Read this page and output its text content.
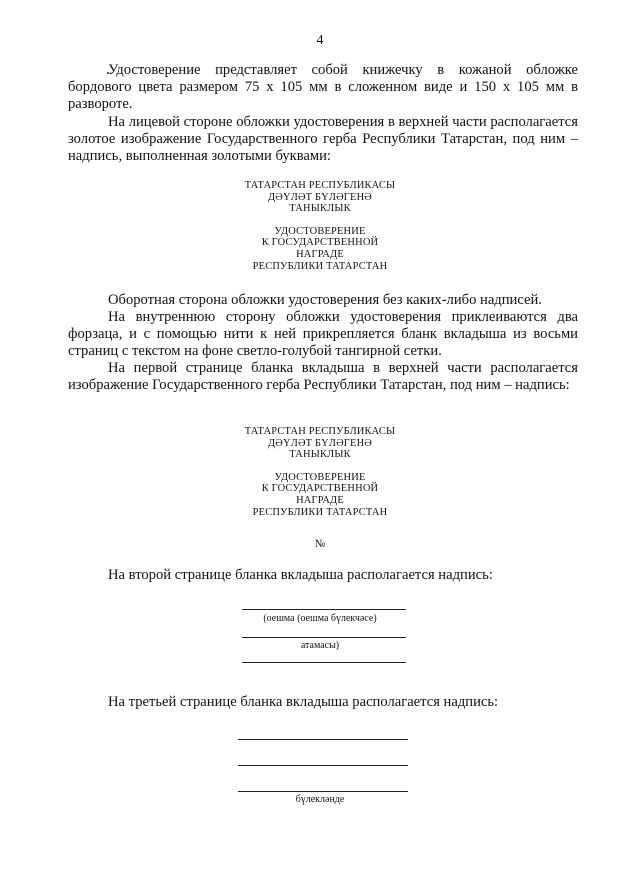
4

Удостоверение представляет собой книжечку в кожаной обложке бордового цвета размером 75 х 105 мм в сложенном виде и 150 х 105 мм в развороте.

На лицевой стороне обложки удостоверения в верхней части располагается золотое изображение Государственного герба Республики Татарстан, под ним – надпись, выполненная золотыми буквами:

ТАТАРСТАН РЕСПУБЛИКАСЫ
ДӘҮЛӘТ БҮЛӘГЕНӘ
ТАНЫКЛЫК
УДОСТОВЕРЕНИЕ
К ГОСУДАРСТВЕННОЙ
НАГРАДЕ
РЕСПУБЛИКИ ТАТАРСТАН

Оборотная сторона обложки удостоверения без каких-либо надписей.

На внутреннюю сторону обложки удостоверения приклеиваются два форзаца, и с помощью нити к ней прикрепляется бланк вкладыша из восьми страниц с текстом на фоне светло-голубой тангирной сетки.

На первой странице бланка вкладыша в верхней части располагается изображение Государственного герба Республики Татарстан, под ним – надпись:

ТАТАРСТАН РЕСПУБЛИКАСЫ
ДӘҮЛӘТ БҮЛӘГЕНӘ
ТАНЫКЛЫК
УДОСТОВЕРЕНИЕ
К ГОСУДАРСТВЕННОЙ
НАГРАДЕ
РЕСПУБЛИКИ ТАТАРСТАН
№

На второй странице бланка вкладыша располагается надпись:

(оешма (оешма бүлекчәсе)
атамасы)

На третьей странице бланка вкладыша располагается надпись:

бүлекләнде
